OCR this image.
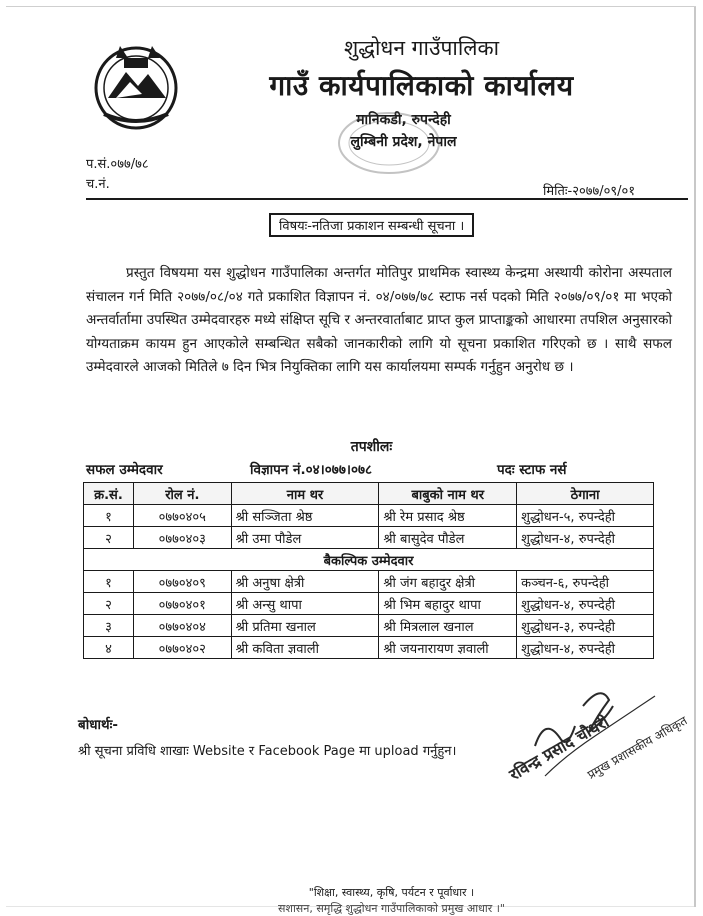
शुद्धोधन गाउँपालिका
गाउँ कार्यपालिकाको कार्यालय
मानिकडी, रुपन्देही
लुम्बिनी प्रदेश, नेपाल
प.सं.०७७/७८
च.नं.	मितिः-२०७७/०९/०१
विषयः-नतिजा प्रकाशन सम्बन्धी सूचना ।
प्रस्तुत विषयमा यस शुद्धोधन गाउँपालिका अन्तर्गत मोतिपुर प्राथमिक स्वास्थ्य केन्द्रमा अस्थायी कोरोना अस्पताल संचालन गर्न मिति २०७७/०८/०४ गते प्रकाशित विज्ञापन नं. ०४/०७७/७८ स्टाफ नर्स पदको मिति २०७७/०९/०१ मा भएको अन्तर्वार्तामा उपस्थित उम्मेदवारहरु मध्ये संक्षिप्त सूचि र अन्तरवार्ताबाट प्राप्त कुल प्राप्ताङ्कको आधारमा तपशिल अनुसारको योग्यताक्रम कायम हुन आएकोले सम्बन्धित सबैको जानकारीको लागि यो सूचना प्रकाशित गरिएको छ । साथै सफल उम्मेदवारले आजको मितिले ७ दिन भित्र नियुक्तिका लागि यस कार्यालयमा सम्पर्क गर्नुहुन अनुरोध छ ।
तपशीलः
सफल उम्मेदवार	विज्ञापन नं.०४।०७७।०७८	पदः स्टाफ नर्स
क्र.सं.	रोल नं.	नाम थर	बाबुको नाम थर	ठेगाना
१	०७७०४०५	श्री सञ्जिता श्रेष्ठ	श्री रेम प्रसाद श्रेष्ठ	शुद्धोधन-५, रुपन्देही
२	०७७०४०३	श्री उमा पौडेल	श्री बासुदेव पौडेल	शुद्धोधन-४, रुपन्देही
बैकल्पिक उम्मेदवार				
१	०७७०४०९	श्री अनुषा क्षेत्री	श्री जंग बहादुर क्षेत्री	कञ्चन-६, रुपन्देही
२	०७७०४०१	श्री अन्सु थापा	श्री भिम बहादुर थापा	शुद्धोधन-४, रुपन्देही
३	०७७०४०४	श्री प्रतिमा खनाल	श्री मित्रलाल खनाल	शुद्धोधन-३, रुपन्देही
४	०७७०४०२	श्री कविता ज्ञवाली	श्री जयनारायण ज्ञवाली	शुद्धोधन-४, रुपन्देही
बोधार्थः-
श्री सूचना प्रविधि शाखाः Website र Facebook Page मा upload गर्नुहुन।	रविन्द्र प्रसाद चौधरी
प्रमुख प्रशासकीय अधिकृत
"शिक्षा, स्वास्थ्य, कृषि, पर्यटन र पूर्वाधार ।
सशासन, समृद्धि शुद्धोधन गाउँपालिकाको प्रमुख आधार ।"
